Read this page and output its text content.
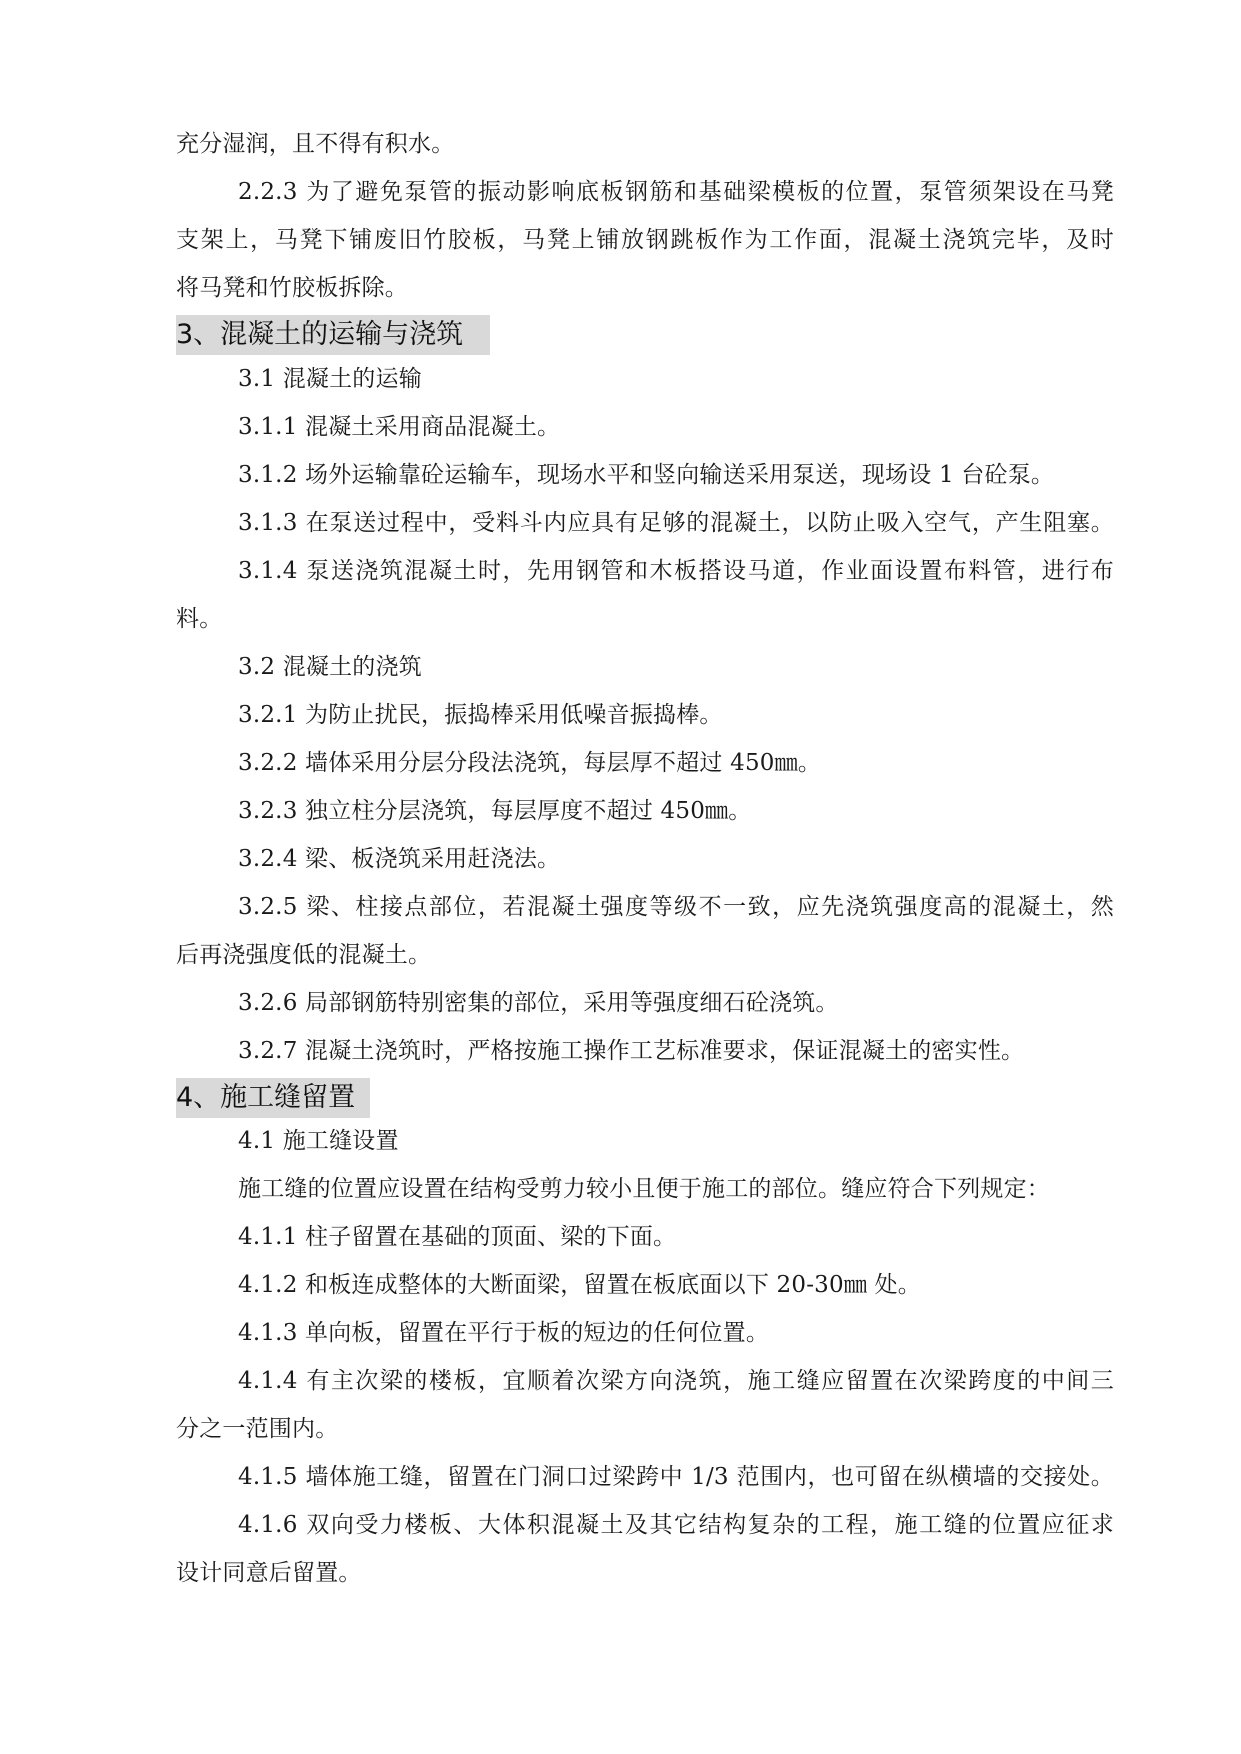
充分湿润，且不得有积水。
2.2.3 为了避免泵管的振动影响底板钢筋和基础梁模板的位置，泵管须架设在马凳
支架上，马凳下铺废旧竹胶板，马凳上铺放钢跳板作为工作面，混凝土浇筑完毕，及时
将马凳和竹胶板拆除。
3、混凝土的运输与浇筑
3.1 混凝土的运输
3.1.1 混凝土采用商品混凝土。
3.1.2 场外运输靠砼运输车，现场水平和竖向输送采用泵送，现场设 1 台砼泵。
3.1.3 在泵送过程中，受料斗内应具有足够的混凝土，以防止吸入空气，产生阻塞。
3.1.4 泵送浇筑混凝土时，先用钢管和木板搭设马道，作业面设置布料管，进行布
料。
3.2 混凝土的浇筑
3.2.1 为防止扰民，振捣棒采用低噪音振捣棒。
3.2.2 墙体采用分层分段法浇筑，每层厚不超过 450㎜。
3.2.3 独立柱分层浇筑，每层厚度不超过 450㎜。
3.2.4 梁、板浇筑采用赶浇法。
3.2.5 梁、柱接点部位，若混凝土强度等级不一致，应先浇筑强度高的混凝土，然
后再浇强度低的混凝土。
3.2.6 局部钢筋特别密集的部位，采用等强度细石砼浇筑。
3.2.7 混凝土浇筑时，严格按施工操作工艺标准要求，保证混凝土的密实性。
4、施工缝留置
4.1 施工缝设置
施工缝的位置应设置在结构受剪力较小且便于施工的部位。缝应符合下列规定：
4.1.1 柱子留置在基础的顶面、梁的下面。
4.1.2 和板连成整体的大断面梁，留置在板底面以下 20-30㎜ 处。
4.1.3 单向板，留置在平行于板的短边的任何位置。
4.1.4 有主次梁的楼板，宜顺着次梁方向浇筑，施工缝应留置在次梁跨度的中间三
分之一范围内。
4.1.5 墙体施工缝，留置在门洞口过梁跨中 1/3 范围内，也可留在纵横墙的交接处。
4.1.6 双向受力楼板、大体积混凝土及其它结构复杂的工程，施工缝的位置应征求
设计同意后留置。
